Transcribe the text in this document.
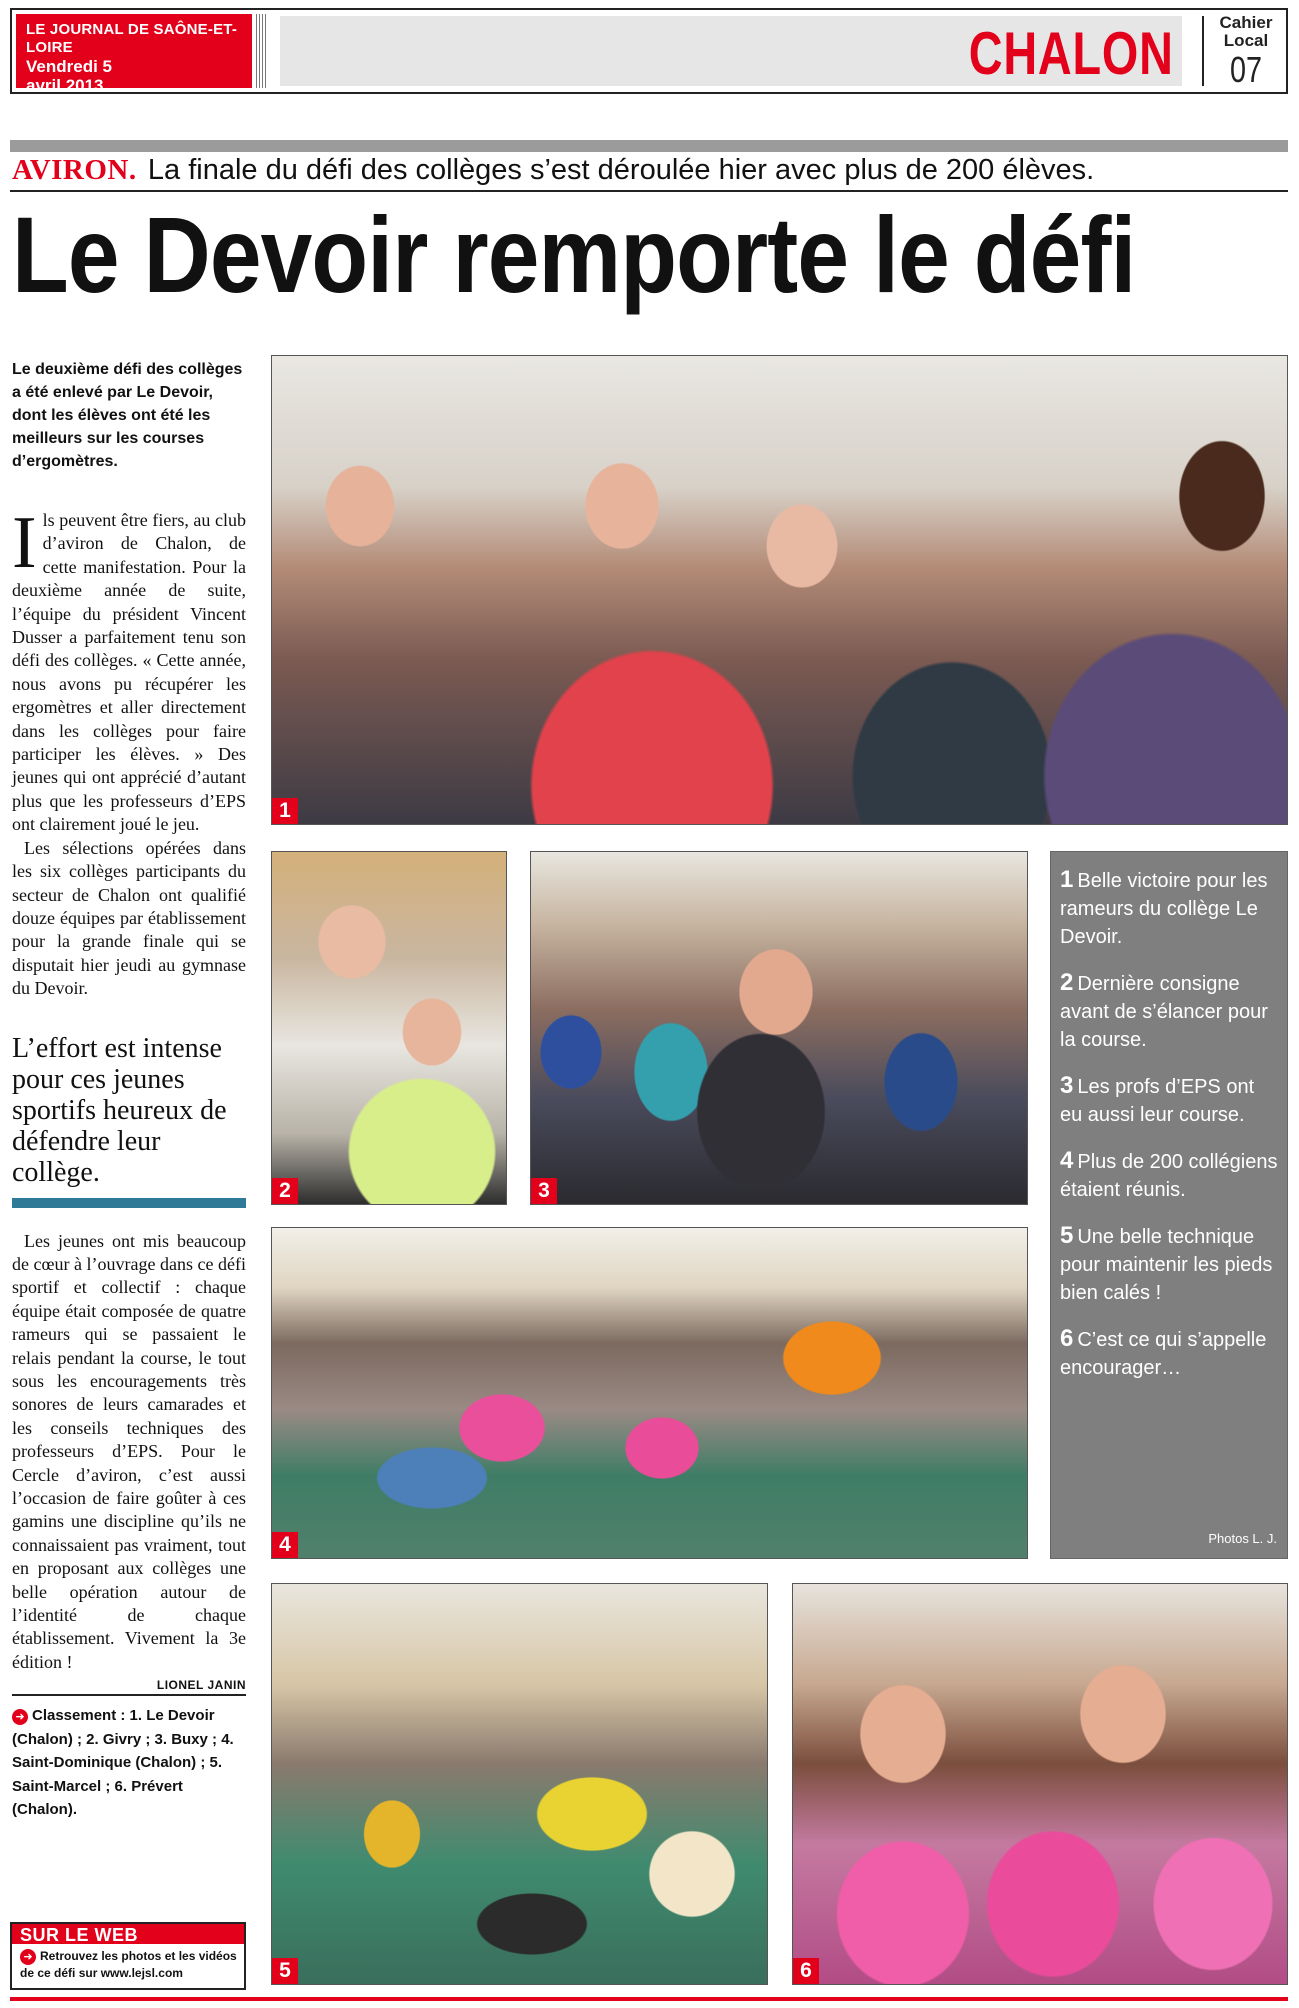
LE JOURNAL DE SAÔNE-ET-LOIRE
Vendredi 5
avril 2013	CHALON	Cahier
Local
07
AVIRON. La finale du défi des collèges s’est déroulée hier avec plus de 200 élèves.
Le Devoir remporte le défi

Le deuxième défi des collèges a été enlevé par Le Devoir, dont les élèves ont été les meilleurs sur les courses d’ergomètres.

Ils peuvent être fiers, au club d’aviron de Chalon, de cette manifestation. Pour la deuxième année de suite, l’équipe du président Vincent Dusser a parfaitement tenu son défi des collèges. « Cette année, nous avons pu récupérer les ergomètres et aller directement dans les collèges pour faire participer les élèves. » Des jeunes qui ont apprécié d’autant plus que les professeurs d’EPS ont clairement joué le jeu.

Les sélections opérées dans les six collèges participants du secteur de Chalon ont qualifié douze équipes par établissement pour la grande finale qui se disputait hier jeudi au gymnase du Devoir.

L’effort est intense pour ces jeunes sportifs heureux de défendre leur collège.

Les jeunes ont mis beaucoup de cœur à l’ouvrage dans ce défi sportif et collectif : chaque équipe était composée de quatre rameurs qui se passaient le relais pendant la course, le tout sous les encouragements très sonores de leurs camarades et les conseils techniques des professeurs d’EPS. Pour le Cercle d’aviron, c’est aussi l’occasion de faire goûter à ces gamins une discipline qu’ils ne connaissaient pas vraiment, tout en proposant aux collèges une belle opération autour de l’identité de chaque établissement. Vivement la 3e édition !

LIONEL JANIN

➜ Classement : 1. Le Devoir (Chalon) ; 2. Givry ; 3. Buxy ; 4. Saint-Dominique (Chalon) ; 5. Saint-Marcel ; 6. Prévert (Chalon).

SUR LE WEB
➜ Retrouvez les photos et les vidéos de ce défi sur www.lejsl.com
1
2	3
4
5	6

1 Belle victoire pour les rameurs du collège Le Devoir.

2 Dernière consigne avant de s’élancer pour la course.

3 Les profs d’EPS ont eu aussi leur course.

4 Plus de 200 collégiens étaient réunis.

5 Une belle technique pour maintenir les pieds bien calés !

6 C’est ce qui s’appelle encourager…

Photos L. J.
